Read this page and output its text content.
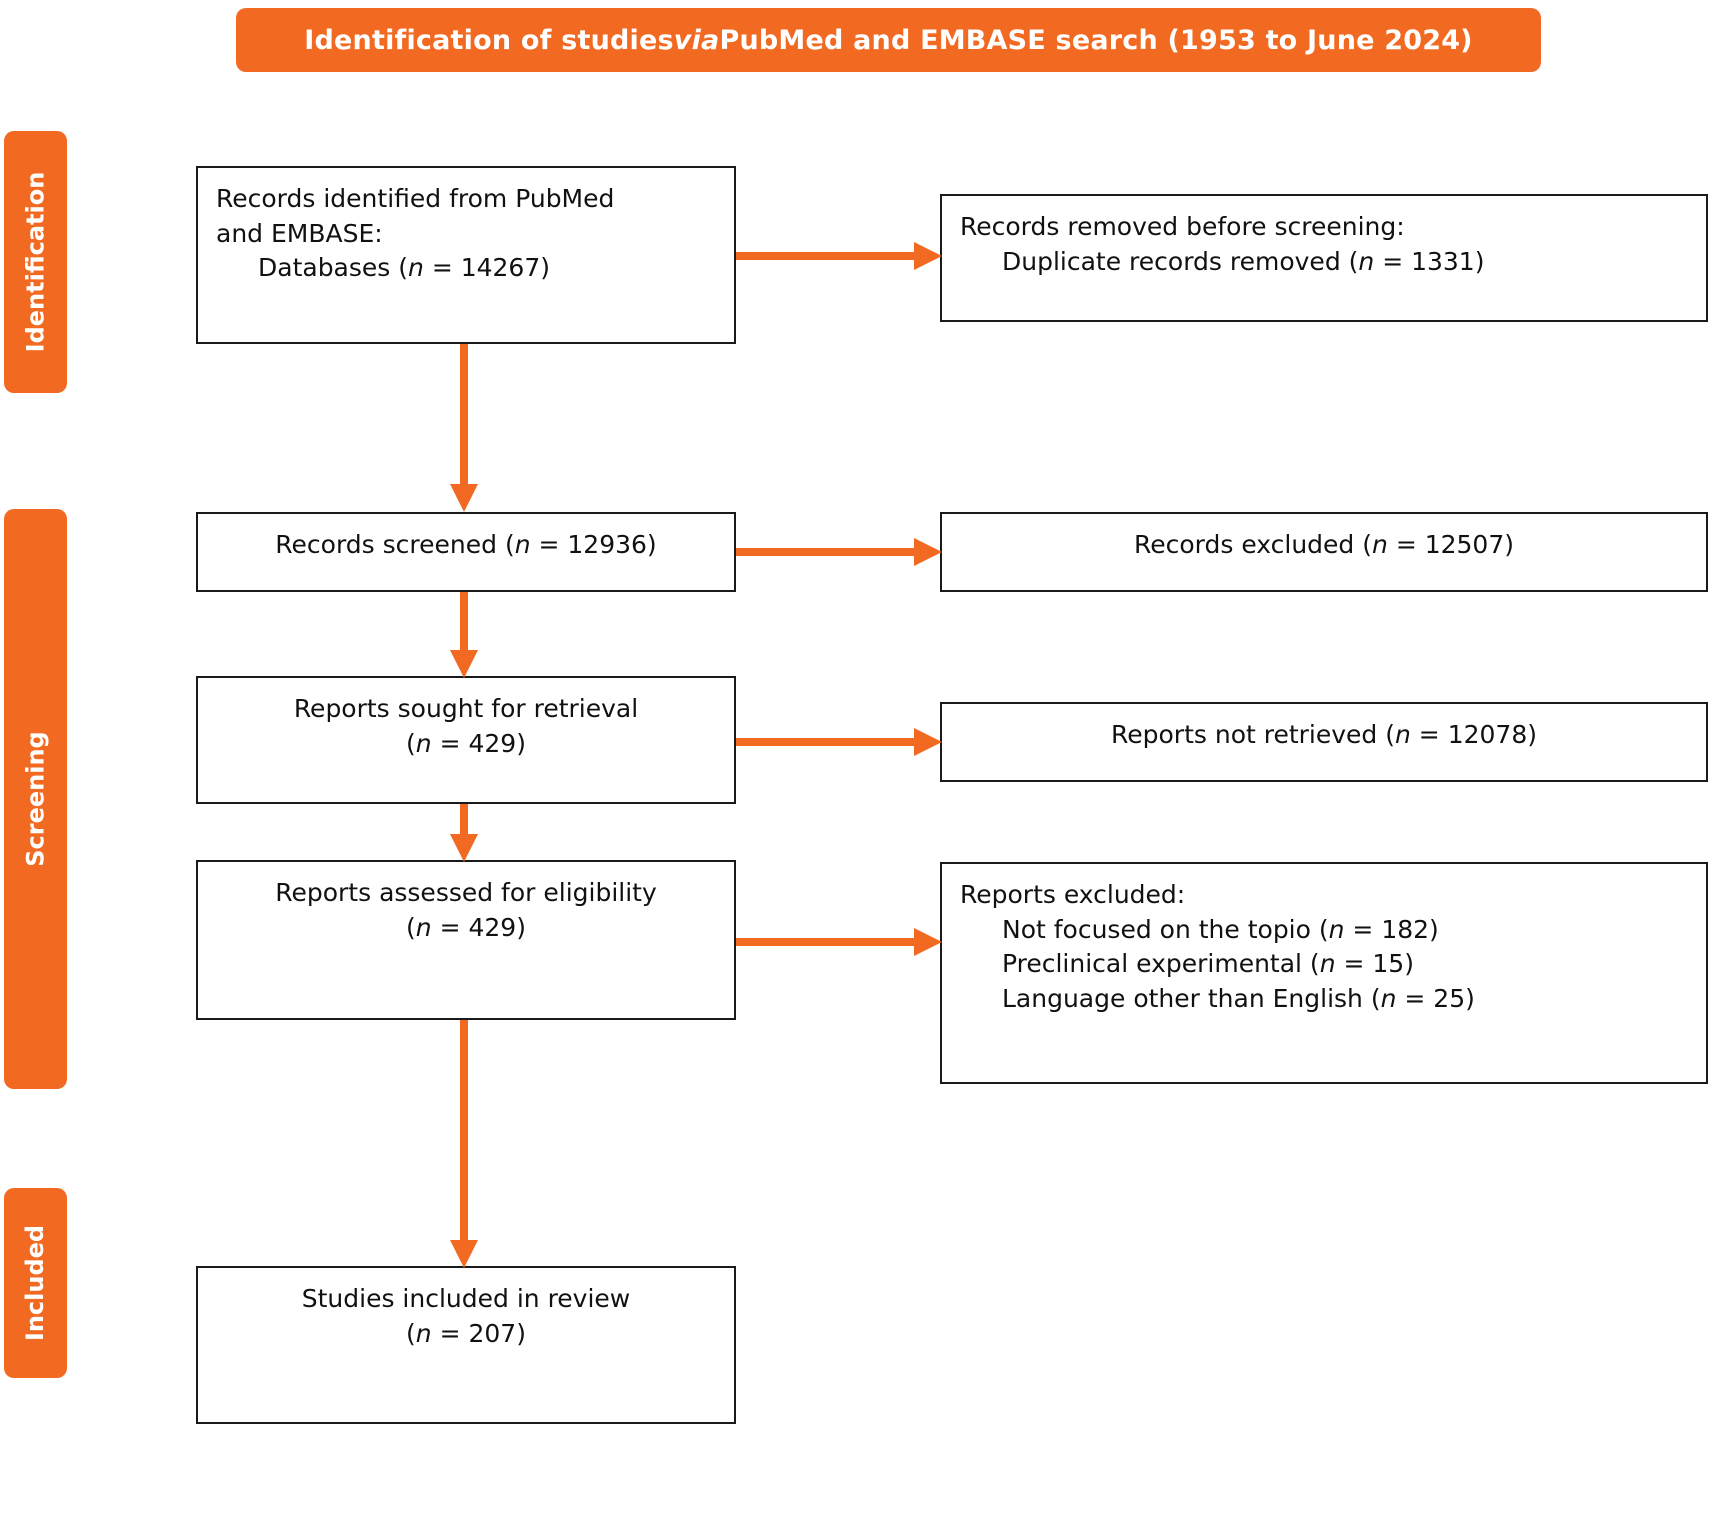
Identification of studies via PubMed and EMBASE search (1953 to June 2024)
Identification
Screening
Included
Records identified from PubMed
and EMBASE:
Databases (n = 14267)
Records removed before screening:
Duplicate records removed (n = 1331)
Records screened (n = 12936)	Records excluded (n = 12507)
Reports sought for retrieval
(n = 429)	Reports not retrieved (n = 12078)
Reports assessed for eligibility
(n = 429)
Reports excluded:
Not focused on the topio (n = 182)
Preclinical experimental (n = 15)
Language other than English (n = 25)
Studies included in review
(n = 207)
